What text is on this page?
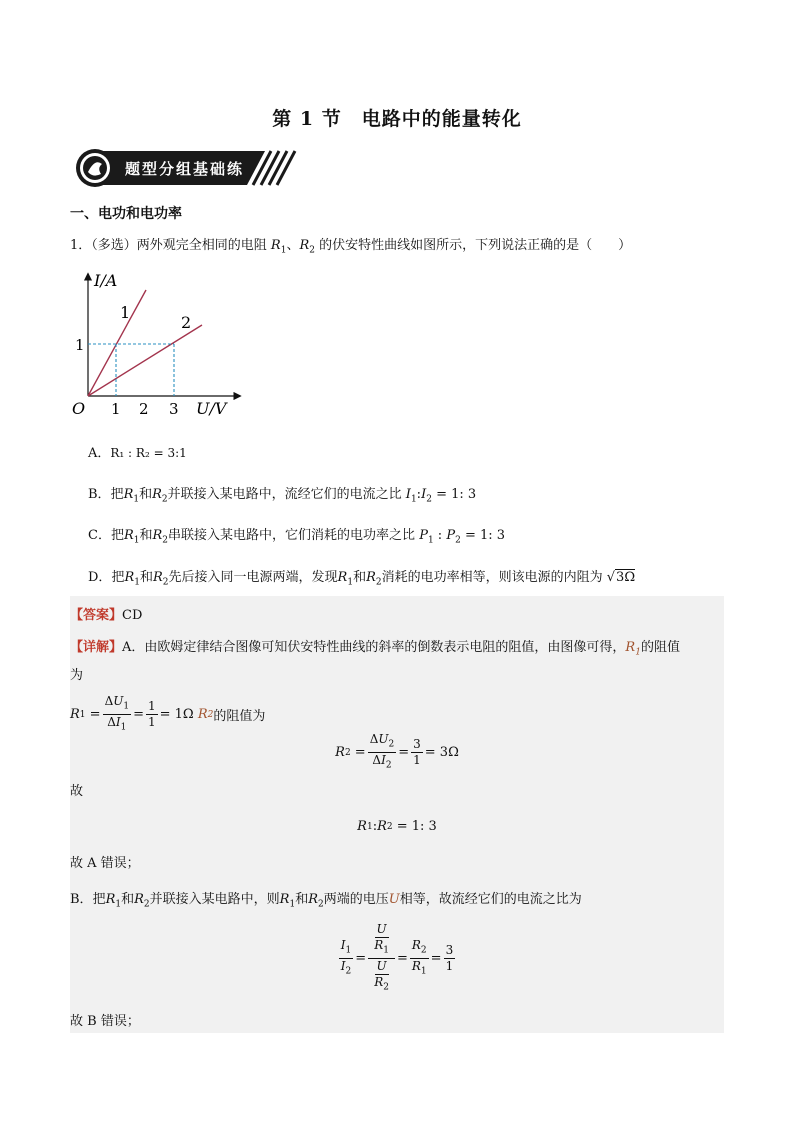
第 1 节　电路中的能量转化
题型分组基础练
一、电功和电功率
1．（多选）两外观完全相同的电阻 $R_1$、$R_2$ 的伏安特性曲线如图所示，下列说法正确的是（　　）
I/A
1
2
1
O 1 2 3 U/V
A．R₁ : R₂ = 3:1
B．把$R_1$和$R_2$并联接入某电路中，流经它们的电流之比 $I_1:I_2 = 1$: 3
C．把$R_1$和$R_2$串联接入某电路中，它们消耗的电功率之比 $P_1$ : $P_2 = 1$: 3
D．把$R_1$和$R_2$先后接入同一电源两端，发现$R_1$和$R_2$消耗的电功率相等，则该电源的内阻为 √3Ω
【答案】CD
【详解】A．由欧姆定律结合图像可知伏安特性曲线的斜率的倒数表示电阻的阻值，由图像可得，$R_1$的阻值
为
R $1 = \frac{\Delta U_1}{\Delta I_1} = \frac{1}{1} = 1\Omega$
R 2 的阻值为
R $2 = \frac{\Delta U_2}{\Delta I_2} = \frac{3}{1} = 3\Omega$
故
R 1 : R 2
= 1: 3
故 A 错误；
B．把$R_1$和$R_2$并联接入某电路中，则$R_1$和$R_2$两端的电压U相等，故流经它们的电流之比为
$\frac{I_1}{I_2} = \frac{\frac{U}{R_1}}{\frac{U}{R_2}} = \frac{R_2}{R_1} = \frac{3}{1}$
故 B 错误；
